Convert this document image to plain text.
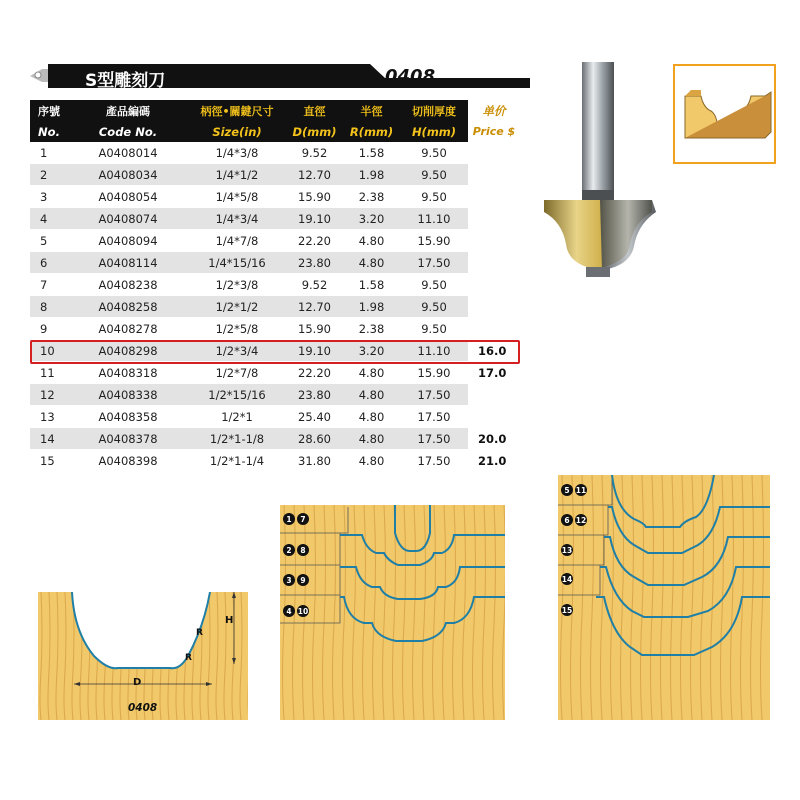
S型雕刻刀	0408
序號	產品編碼	柄徑•關鍵尺寸	直徑	半徑	切削厚度	单价
No.	Code No.	Size(in)	D(mm)	R(mm)	H(mm)	Price $
1	A0408014	1/4*3/8	9.52	1.58	9.50	
2	A0408034	1/4*1/2	12.70	1.98	9.50	
3	A0408054	1/4*5/8	15.90	2.38	9.50	
4	A0408074	1/4*3/4	19.10	3.20	11.10	
5	A0408094	1/4*7/8	22.20	4.80	15.90	
6	A0408114	1/4*15/16	23.80	4.80	17.50	
7	A0408238	1/2*3/8	9.52	1.58	9.50	
8	A0408258	1/2*1/2	12.70	1.98	9.50	
9	A0408278	1/2*5/8	15.90	2.38	9.50	
10	A0408298	1/2*3/4	19.10	3.20	11.10	16.0
11	A0408318	1/2*7/8	22.20	4.80	15.90	17.0
12	A0408338	1/2*15/16	23.80	4.80	17.50	
13	A0408358	1/2*1	25.40	4.80	17.50	
14	A0408378	1/2*1-1/8	28.60	4.80	17.50	20.0
15	A0408398	1/2*1-1/4	31.80	4.80	17.50	21.0
D
H
R
R
0408
1	7
2	8
3	9
4 10
5 11
6 12
13
14
15
